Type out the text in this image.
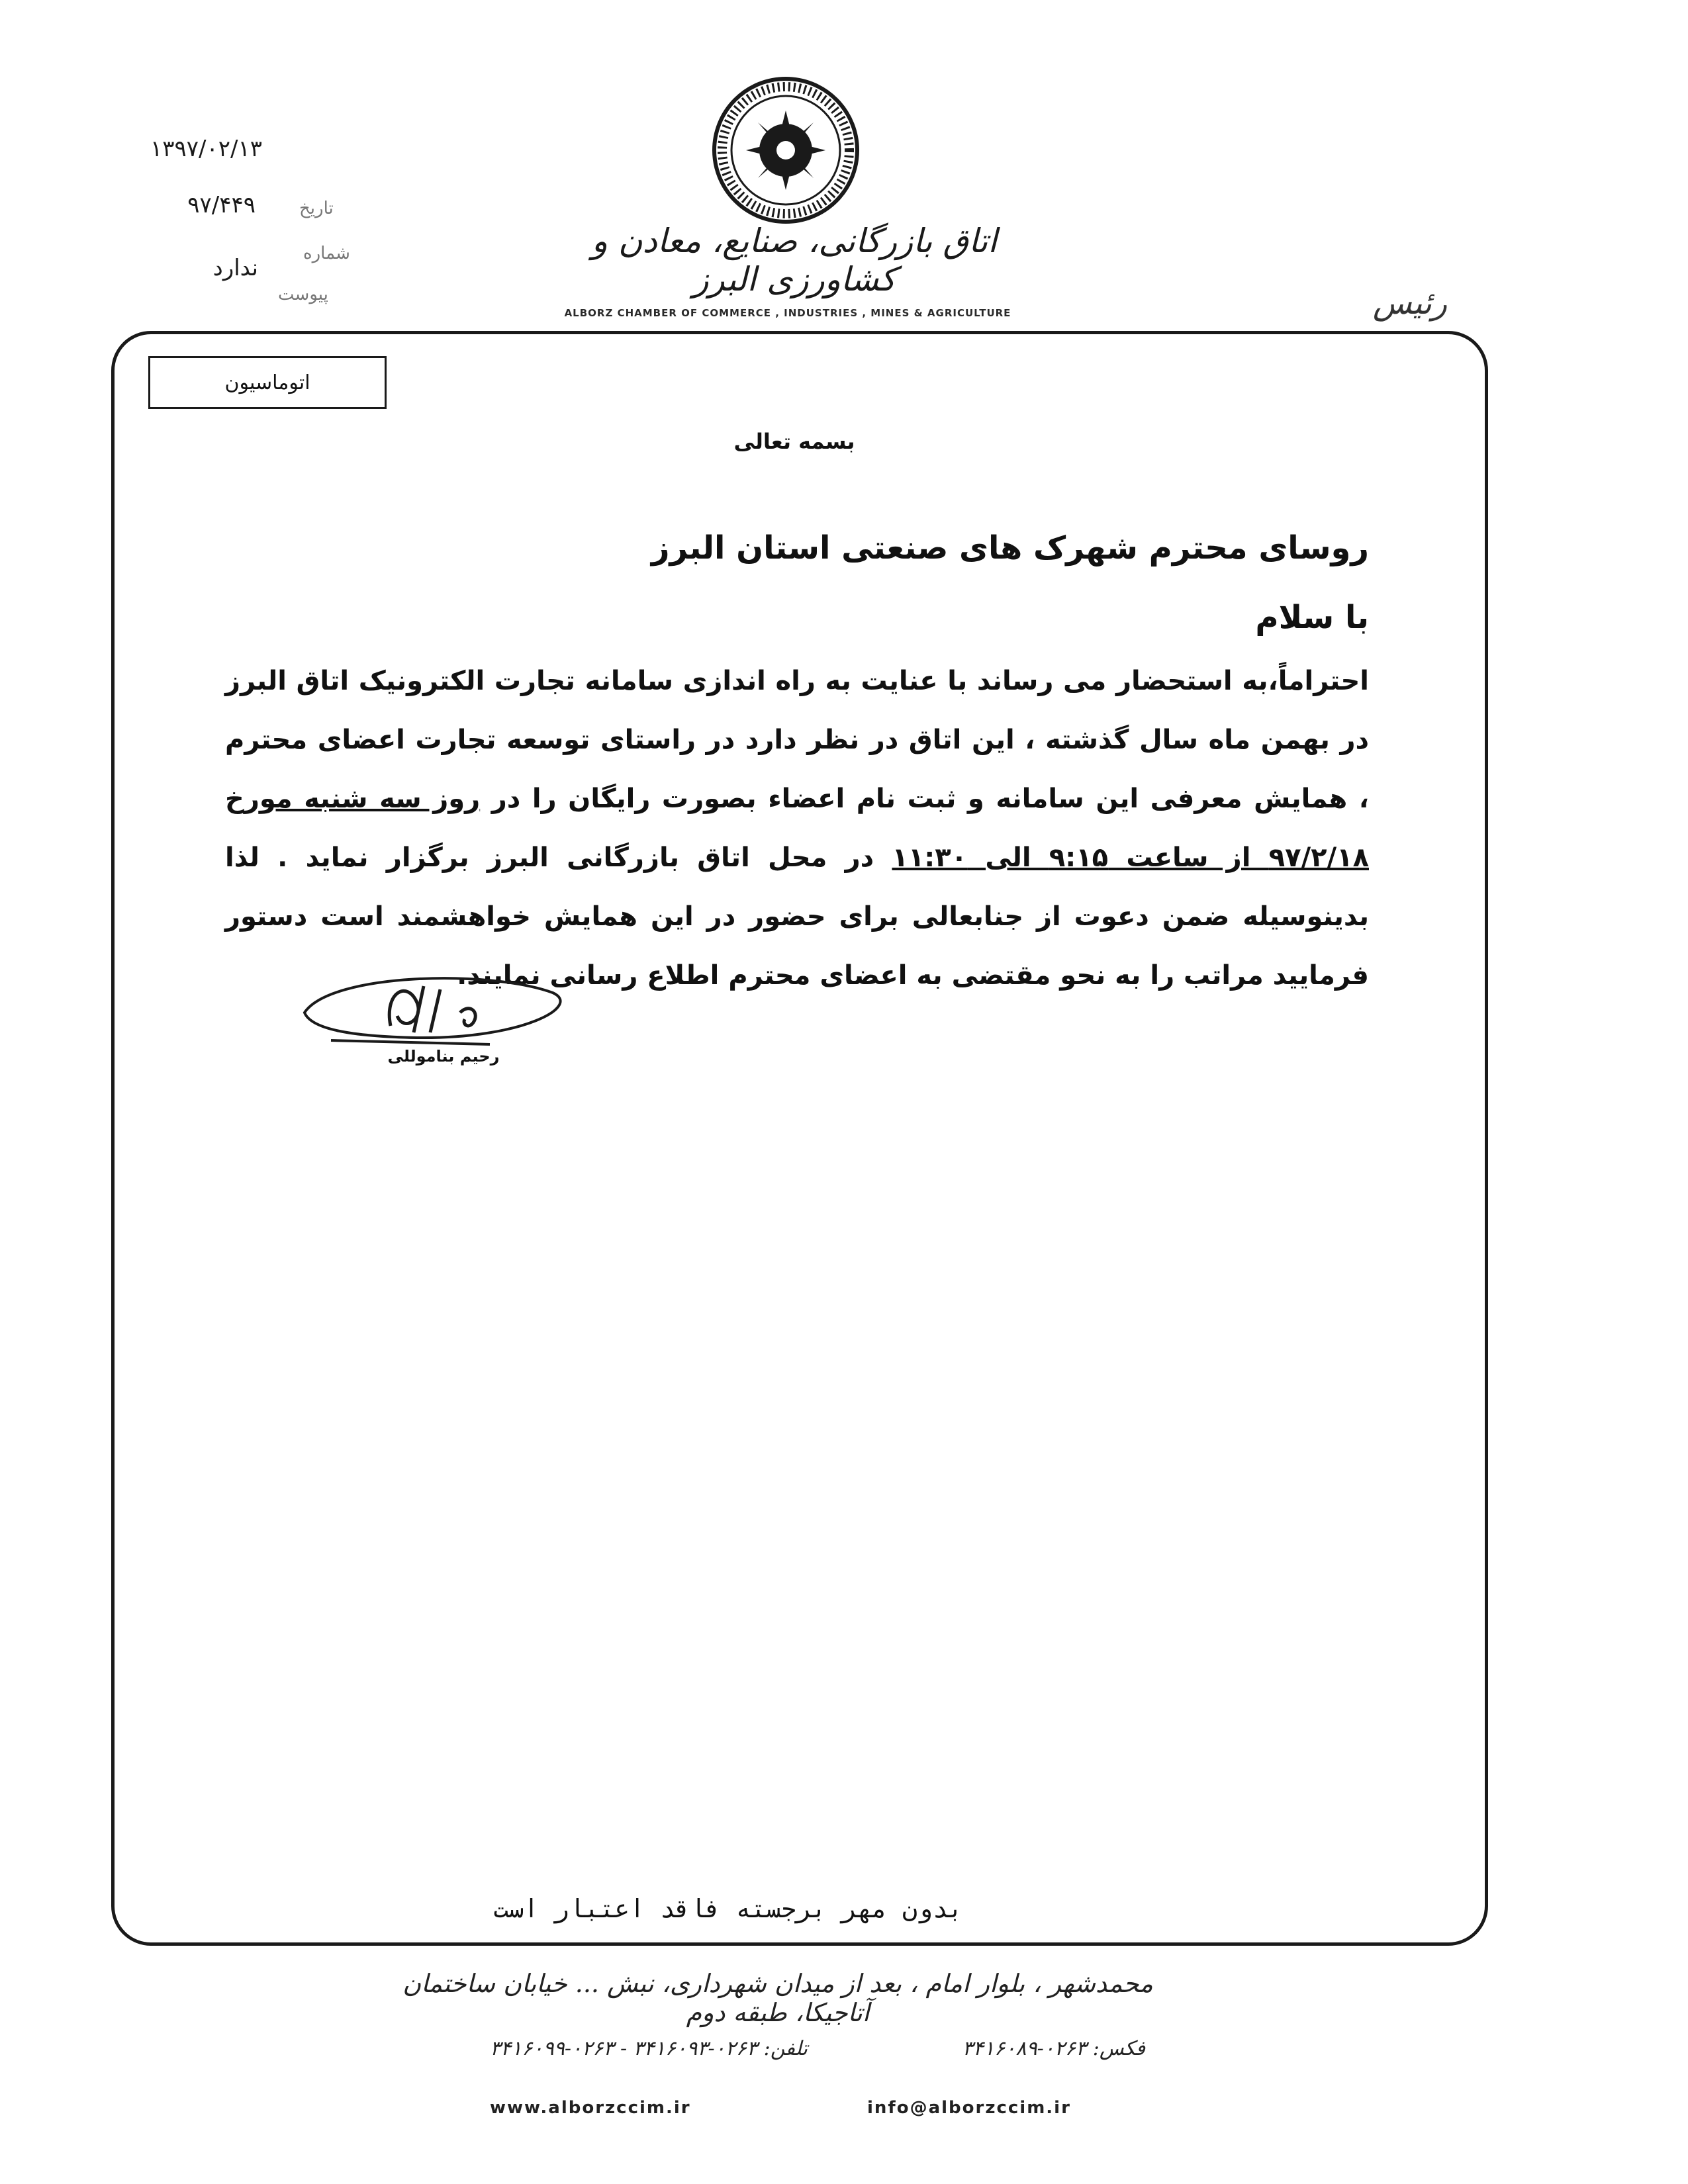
۱۳۹۷/۰۲/۱۳
۹۷/۴۴۹
ندارد
تاریخ
شماره
پیوست
اتاق بازرگانی، صنایع، معادن و کشاورزی البرز
ALBORZ CHAMBER OF COMMERCE , INDUSTRIES , MINES & AGRICULTURE	رئیس
اتوماسیون
بسمه تعالی
روسای محترم شهرک های صنعتی استان البرز
با سلام
احتراماً،به استحضار می رساند با عنایت به راه اندازی سامانه تجارت الکترونیک اتاق البرز در بهمن ماه سال گذشته ، این اتاق در نظر دارد در راستای توسعه تجارت اعضای محترم ، همایش معرفی این سامانه و ثبت نام اعضاء بصورت رایگان را در روز سه شنبه مورخ ۹۷/۲/۱۸ از ساعت ۹:۱۵ الی ۱۱:۳۰ در محل اتاق بازرگانی البرز برگزار نماید . لذا بدینوسیله ضمن دعوت از جنابعالی برای حضور در این همایش خواهشمند است دستور فرمایید مراتب را به نحو مقتضی به اعضای محترم اطلاع رسانی نمایند.
رحیم بناموللی
بدون مهر برجسته فاقد اعتبار است
محمدشهر ، بلوار امام ، بعد از میدان شهرداری، نبش ... خیابان ساختمان آتاجیکا، طبقه دوم
فکس: ۰۲۶۳-۳۴۱۶۰۸۹
تلفن: ۰۲۶۳-۳۴۱۶۰۹۳ - ۰۲۶۳-۳۴۱۶۰۹۹
www.alborzccim.ir	info@alborzccim.ir
